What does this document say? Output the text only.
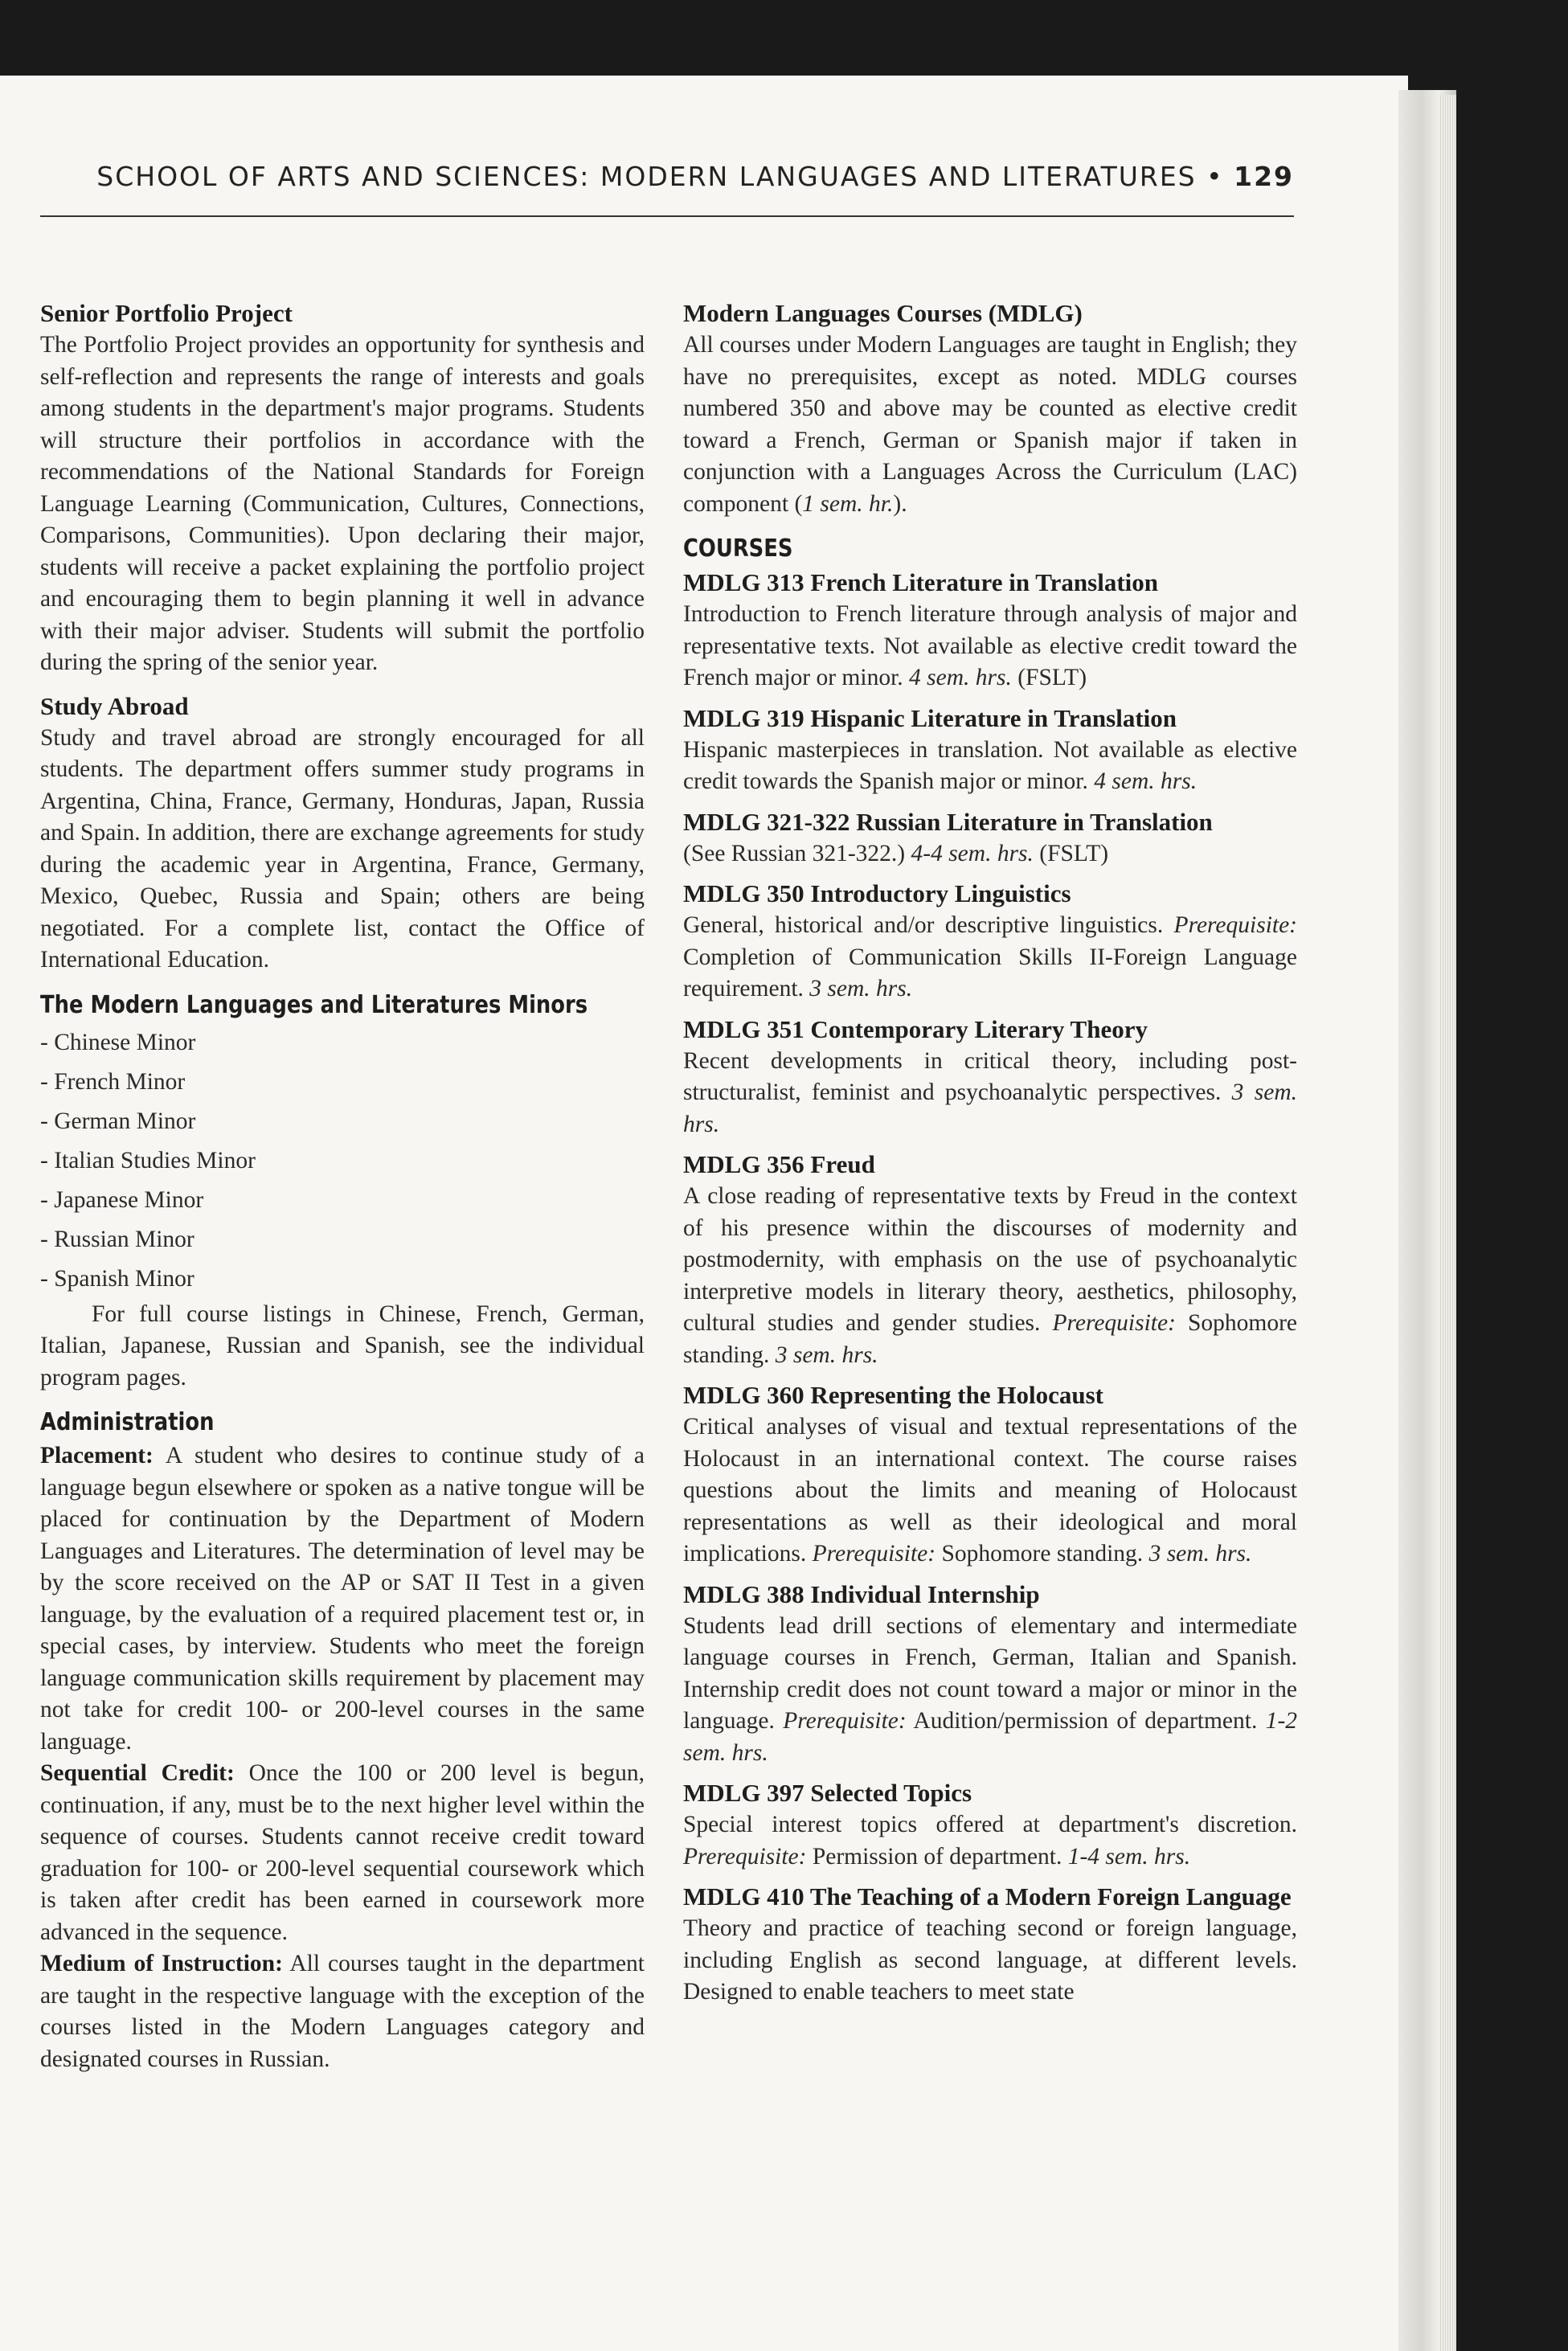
SCHOOL OF ARTS AND SCIENCES: MODERN LANGUAGES AND LITERATURES • 129
Senior Portfolio Project

The Portfolio Project provides an opportunity for synthesis and self-reflection and represents the range of interests and goals among students in the department's major programs. Students will structure their portfolios in accordance with the recommendations of the National Standards for Foreign Language Learning (Communication, Cultures, Connections, Comparisons, Communities). Upon declaring their major, students will receive a packet explaining the portfolio project and encouraging them to begin planning it well in advance with their major adviser. Students will submit the portfolio during the spring of the senior year.

Study Abroad

Study and travel abroad are strongly encouraged for all students. The department offers summer study programs in Argentina, China, France, Germany, Honduras, Japan, Russia and Spain. In addition, there are exchange agreements for study during the academic year in Argentina, France, Germany, Mexico, Quebec, Russia and Spain; others are being negotiated. For a complete list, contact the Office of International Education.

The Modern Languages and Literatures Minors
- Chinese Minor
- French Minor
- German Minor
- Italian Studies Minor
- Japanese Minor
- Russian Minor
- Spanish Minor

For full course listings in Chinese, French, German, Italian, Japanese, Russian and Spanish, see the individual program pages.

Administration

Placement: A student who desires to continue study of a language begun elsewhere or spoken as a native tongue will be placed for continuation by the Department of Modern Languages and Literatures. The determination of level may be by the score received on the AP or SAT II Test in a given language, by the evaluation of a required placement test or, in special cases, by interview. Students who meet the foreign language communication skills requirement by placement may not take for credit 100- or 200-level courses in the same language.

Sequential Credit: Once the 100 or 200 level is begun, continuation, if any, must be to the next higher level within the sequence of courses. Students cannot receive credit toward graduation for 100- or 200-level sequential coursework which is taken after credit has been earned in coursework more advanced in the sequence.

Medium of Instruction: All courses taught in the department are taught in the respective language with the exception of the courses listed in the Modern Languages category and designated courses in Russian.

Modern Languages Courses (MDLG)

All courses under Modern Languages are taught in English; they have no prerequisites, except as noted. MDLG courses numbered 350 and above may be counted as elective credit toward a French, German or Spanish major if taken in conjunction with a Languages Across the Curriculum (LAC) component (1 sem. hr.).

COURSES
MDLG 313 French Literature in Translation

Introduction to French literature through analysis of major and representative texts. Not available as elective credit toward the French major or minor. 4 sem. hrs. (FSLT)

MDLG 319 Hispanic Literature in Translation

Hispanic masterpieces in translation. Not available as elective credit towards the Spanish major or minor. 4 sem. hrs.

MDLG 321-322 Russian Literature in Translation

(See Russian 321-322.) 4-4 sem. hrs. (FSLT)

MDLG 350 Introductory Linguistics

General, historical and/or descriptive linguistics. Prerequisite: Completion of Communication Skills II-Foreign Language requirement. 3 sem. hrs.

MDLG 351 Contemporary Literary Theory

Recent developments in critical theory, including post-structuralist, feminist and psychoanalytic perspectives. 3 sem. hrs.

MDLG 356 Freud

A close reading of representative texts by Freud in the context of his presence within the discourses of modernity and postmodernity, with emphasis on the use of psychoanalytic interpretive models in literary theory, aesthetics, philosophy, cultural studies and gender studies. Prerequisite: Sophomore standing. 3 sem. hrs.

MDLG 360 Representing the Holocaust

Critical analyses of visual and textual representations of the Holocaust in an international context. The course raises questions about the limits and meaning of Holocaust representations as well as their ideological and moral implications. Prerequisite: Sophomore standing. 3 sem. hrs.

MDLG 388 Individual Internship

Students lead drill sections of elementary and intermediate language courses in French, German, Italian and Spanish. Internship credit does not count toward a major or minor in the language. Prerequisite: Audition/permission of department. 1-2 sem. hrs.

MDLG 397 Selected Topics

Special interest topics offered at department's discretion. Prerequisite: Permission of department. 1-4 sem. hrs.

MDLG 410 The Teaching of a Modern Foreign Language

Theory and practice of teaching second or foreign language, including English as second language, at different levels. Designed to enable teachers to meet state
